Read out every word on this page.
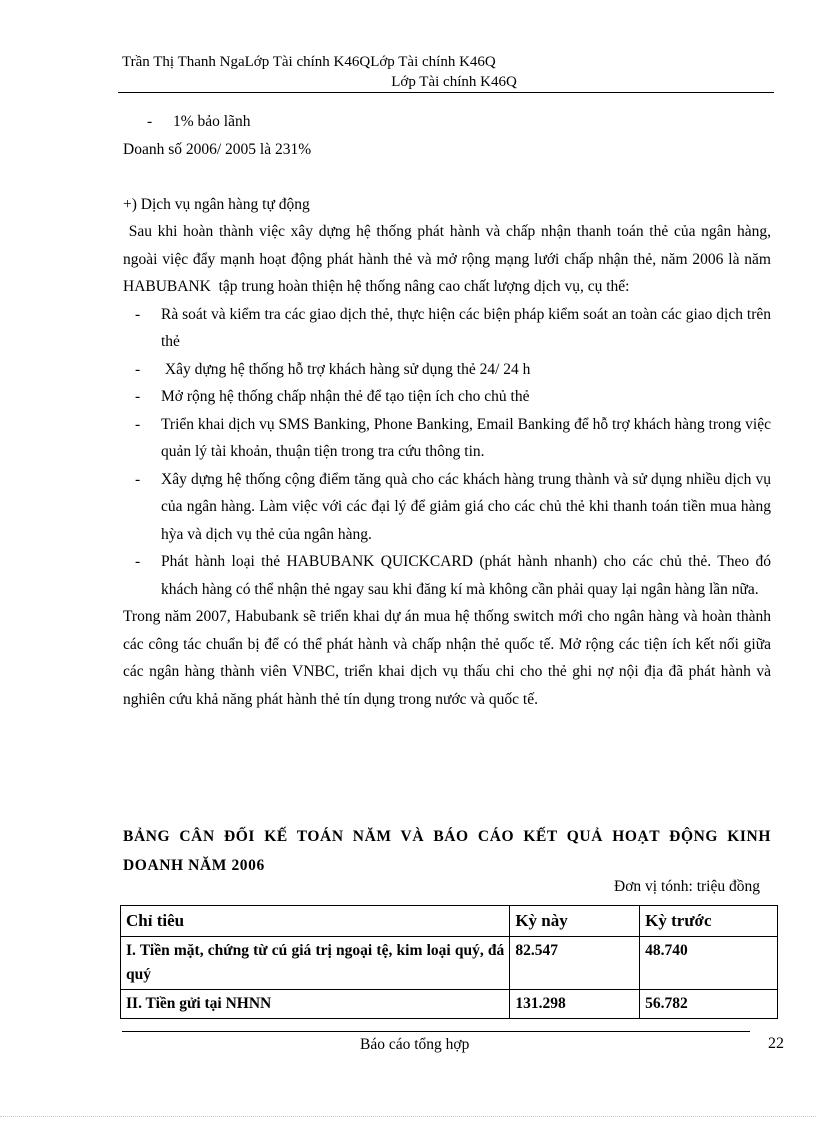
Trần Thị Thanh NgaLớp Tài chính K46QLớp Tài chính K46Q
Lớp Tài chính K46Q

- 1% bảo lãnh

Doanh số 2006/ 2005 là 231%

+) Dịch vụ ngân hàng tự động

Sau khi hoàn thành việc xây dựng hệ thống phát hành và chấp nhận thanh toán thẻ của ngân hàng, ngoài việc đẩy mạnh hoạt động phát hành thẻ và mở rộng mạng lưới chấp nhận thẻ, năm 2006 là năm HABUBANK  tập trung hoàn thiện hệ thống nâng cao chất lượng dịch vụ, cụ thể:

- Rà soát và kiểm tra các giao dịch thẻ, thực hiện các biện pháp kiểm soát an toàn các giao dịch trên thẻ

- Xây dựng hệ thống hỗ trợ khách hàng sử dụng thẻ 24/ 24 h

- Mở rộng hệ thống chấp nhận thẻ để tạo tiện ích cho chủ thẻ

- Triển khai dịch vụ SMS Banking, Phone Banking, Email Banking để hỗ trợ khách hàng trong việc quản lý tài khoản, thuận tiện trong tra cứu thông tin.

- Xây dựng hệ thống cộng điểm tăng quà cho các khách hàng trung thành và sử dụng nhiều dịch vụ của ngân hàng. Làm việc với các đại lý để giảm giá cho các chủ thẻ khi thanh toán tiền mua hàng hỳa và dịch vụ thẻ của ngân hàng.

- Phát hành loại thẻ HABUBANK QUICKCARD (phát hành nhanh) cho các chủ thẻ. Theo đó khách hàng có thể nhận thẻ ngay sau khi đăng kí mà không cần phải quay lại ngân hàng lần nữa.

Trong năm 2007, Habubank sẽ triển khai dự án mua hệ thống switch mới cho ngân hàng và hoàn thành các công tác chuẩn bị để có thể phát hành và chấp nhận thẻ quốc tế. Mở rộng các tiện ích kết nối giữa các ngân hàng thành viên VNBC, triển khai dịch vụ thấu chi cho thẻ ghi nợ nội địa đã phát hành và nghiên cứu khả năng phát hành thẻ tín dụng trong nước và quốc tế.

BẢNG CÂN ĐỐI KẾ TOÁN NĂM VÀ BÁO CÁO KẾT QUẢ HOẠT ĐỘNG KINH DOANH NĂM 2006
Đơn vị tónh: triệu đồng
Chỉ tiêu	Kỳ này	Kỳ trước
I. Tiền mặt, chứng từ cú giá trị ngoại tệ, kim loại quý, đá quý	82.547	48.740
II. Tiền gửi tại NHNN	131.298	56.782
Báo cáo tổng hợp	22
